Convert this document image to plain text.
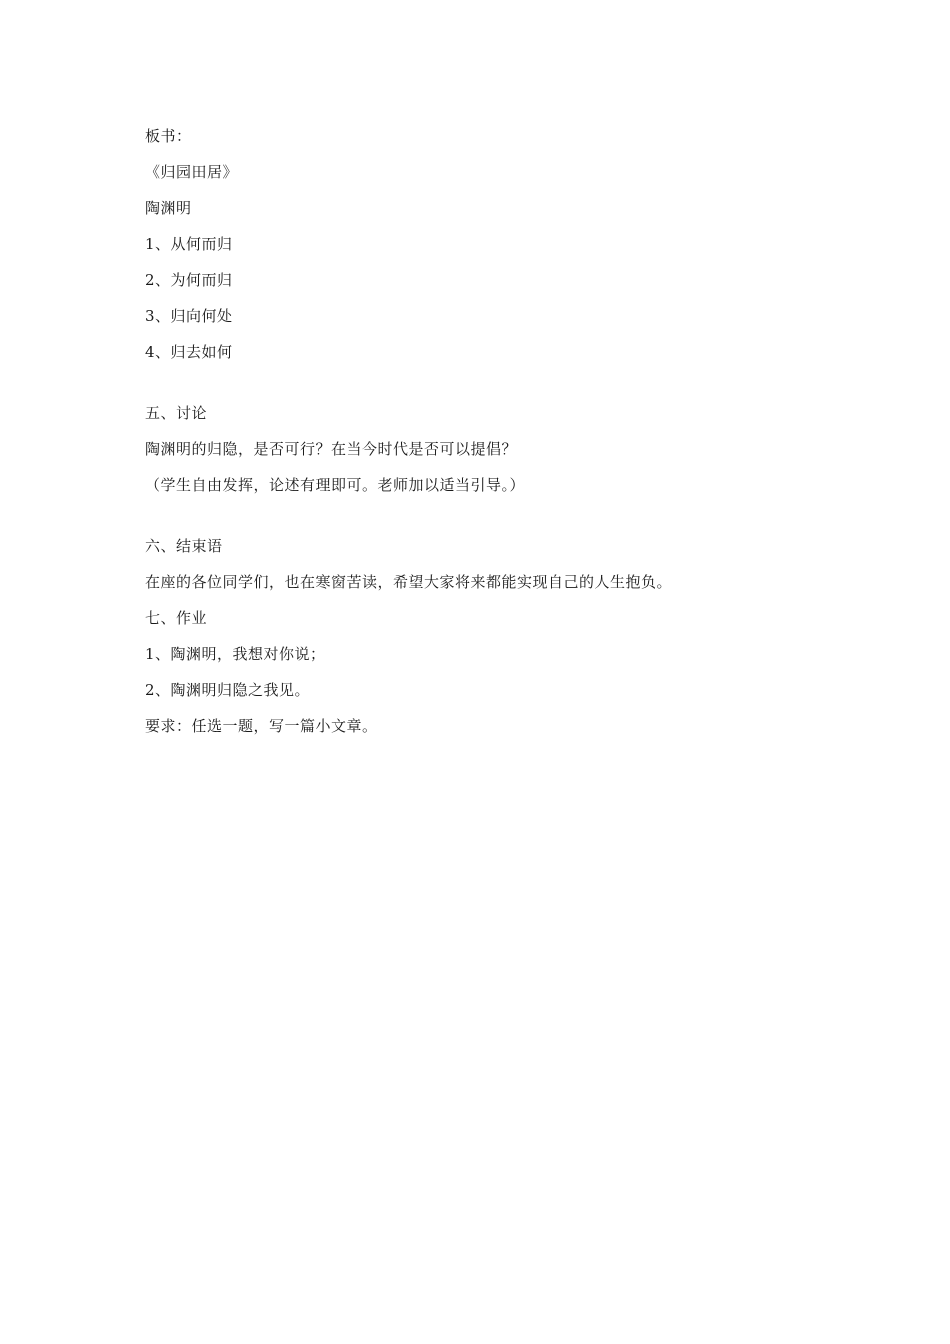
板书：
《归园田居》
陶渊明
1、从何而归
2、为何而归
3、归向何处
4、归去如何
五、讨论
陶渊明的归隐，是否可行？在当今时代是否可以提倡？
（学生自由发挥，论述有理即可。老师加以适当引导。）
六、结束语
在座的各位同学们，也在寒窗苦读，希望大家将来都能实现自己的人生抱负。
七、作业
1、陶渊明，我想对你说；
2、陶渊明归隐之我见。
要求：任选一题，写一篇小文章。
